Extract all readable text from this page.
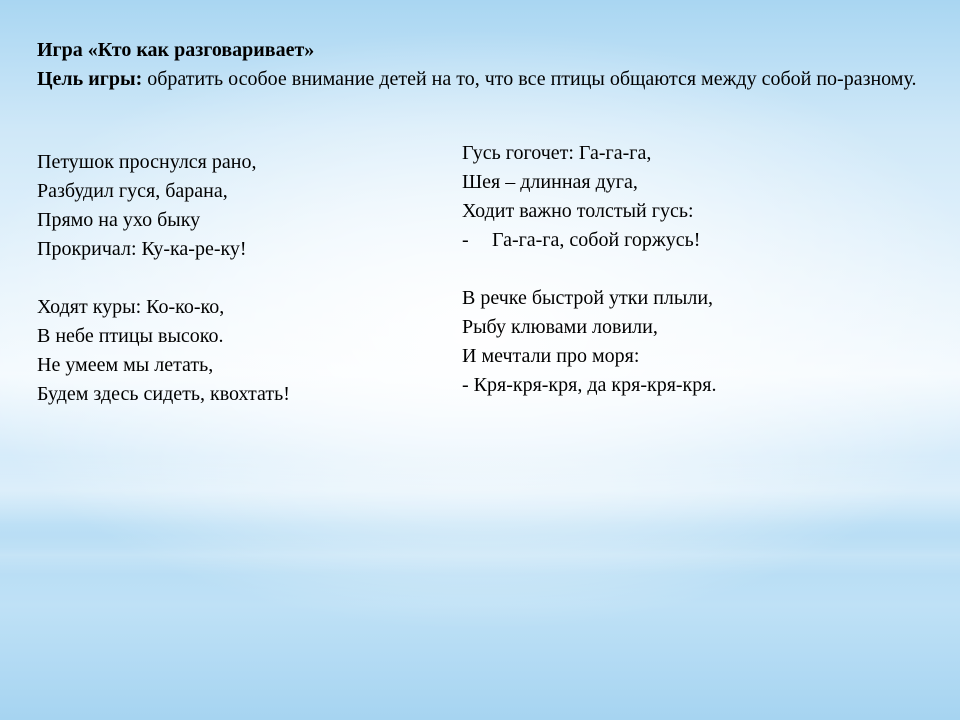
Игра «Кто как разговаривает»
Цель игры: обратить особое внимание детей на то, что все птицы общаются между собой по-разному.
Петушок проснулся рано,
Разбудил гуся, барана,
Прямо на ухо быку
Прокричал: Ку-ка-ре-ку!
Ходят куры: Ко-ко-ко,
В небе птицы высоко.
Не умеем мы летать,
Будем здесь сидеть, квохтать!
Гусь гогочет: Га-га-га,
Шея – длинная дуга,
Ходит важно толстый гусь:
- Га-га-га, собой горжусь!
В речке быстрой утки плыли,
Рыбу клювами ловили,
И мечтали про моря:
- Кря-кря-кря, да кря-кря-кря.
